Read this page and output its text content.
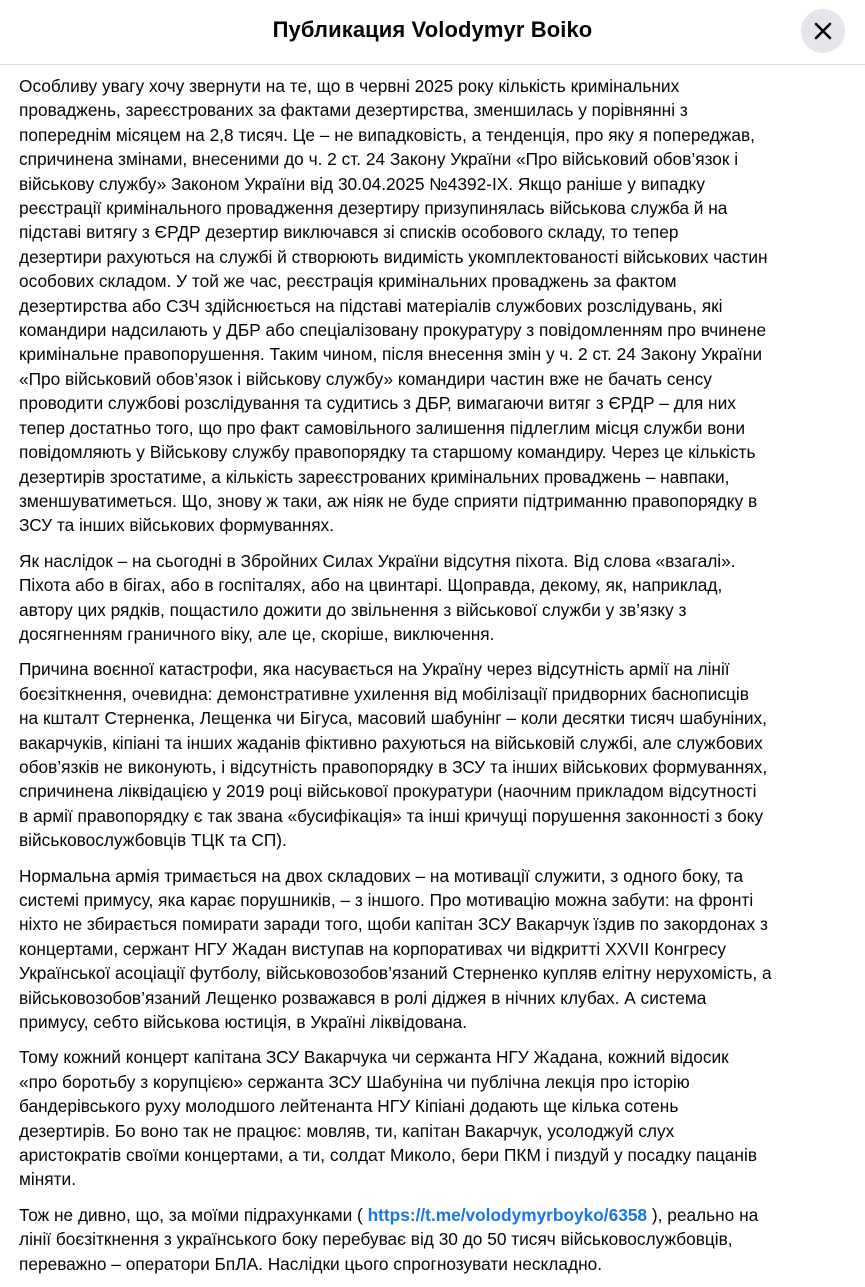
Публикация Volodymyr Boiko

Особливу увагу хочу звернути на те, що в червні 2025 року кількість кримінальних
проваджень, зареєстрованих за фактами дезертирства, зменшилась у порівнянні з
попереднім місяцем на 2,8 тисяч. Це – не випадковість, а тенденція, про яку я попереджав,
спричинена змінами, внесеними до ч. 2 ст. 24 Закону України «Про військовий обов’язок і
військову службу» Законом України від 30.04.2025 №4392-IX. Якщо раніше у випадку
реєстрації кримінального провадження дезертиру призупинялась військова служба й на
підставі витягу з ЄРДР дезертир виключався зі списків особового складу, то тепер
дезертири рахуються на службі й створюють видимість укомплектованості військових частин
особових складом. У той же час, реєстрація кримінальних проваджень за фактом
дезертирства або СЗЧ здійснюється на підставі матеріалів службових розслідувань, які
командири надсилають у ДБР або спеціалізовану прокуратуру з повідомленням про вчинене
кримінальне правопорушення. Таким чином, після внесення змін у ч. 2 ст. 24 Закону України
«Про військовий обов’язок і військову службу» командири частин вже не бачать сенсу
проводити службові розслідування та судитись з ДБР, вимагаючи витяг з ЄРДР – для них
тепер достатньо того, що про факт самовільного залишення підлеглим місця служби вони
повідомляють у Військову службу правопорядку та старшому командиру. Через це кількість
дезертирів зростатиме, а кількість зареєстрованих кримінальних проваджень – навпаки,
зменшуватиметься. Що, знову ж таки, аж ніяк не буде сприяти підтриманню правопорядку в
ЗСУ та інших військових формуваннях.

Як наслідок – на сьогодні в Збройних Силах України відсутня піхота. Від слова «взагалі».
Піхота або в бігах, або в госпіталях, або на цвинтарі. Щоправда, декому, як, наприклад,
автору цих рядків, пощастило дожити до звільнення з військової служби у зв’язку з
досягненням граничного віку, але це, скоріше, виключення.

Причина воєнної катастрофи, яка насувається на Україну через відсутність армії на лінії
боєзіткнення, очевидна: демонстративне ухилення від мобілізації придворних баснописців
на кшталт Стерненка, Лещенка чи Бігуса, масовий шабунінг – коли десятки тисяч шабуніних,
вакарчуків, кіпіані та інших жаданів фіктивно рахуються на військовій службі, але службових
обов’язків не виконують, і відсутність правопорядку в ЗСУ та інших військових формуваннях,
спричинена ліквідацією у 2019 році військової прокуратури (наочним прикладом відсутності
в армії правопорядку є так звана «бусифікація» та інші кричущі порушення законності з боку
військовослужбовців ТЦК та СП).

Нормальна армія тримається на двох складових – на мотивації служити, з одного боку, та
системі примусу, яка карає порушників, – з іншого. Про мотивацію можна забути: на фронті
ніхто не збирається помирати заради того, щоби капітан ЗСУ Вакарчук їздив по закордонах з
концертами, сержант НГУ Жадан виступав на корпоративах чи відкритті XXVII Конгресу
Української асоціації футболу, військовозобов’язаний Стерненко купляв елітну нерухомість, а
військовозобов’язаний Лещенко розважався в ролі діджея в нічних клубах. А система
примусу, себто військова юстиція, в Україні ліквідована.

Тому кожний концерт капітана ЗСУ Вакарчука чи сержанта НГУ Жадана, кожний відосик
«про боротьбу з корупцією» сержанта ЗСУ Шабуніна чи публічна лекція про історію
бандерівського руху молодшого лейтенанта НГУ Кіпіані додають ще кілька сотень
дезертирів. Бо воно так не працює: мовляв, ти, капітан Вакарчук, усолоджуй слух
аристократів своїми концертами, а ти, солдат Миколо, бери ПКМ і пиздуй у посадку пацанів
міняти.

Тож не дивно, що, за моїми підрахунками ( https://t.me/volodymyrboyko/6358 ), реально на
лінії боєзіткнення з українського боку перебуває від 30 до 50 тисяч військовослужбовців,
переважно – оператори БпЛА. Наслідки цього спрогнозувати нескладно.
